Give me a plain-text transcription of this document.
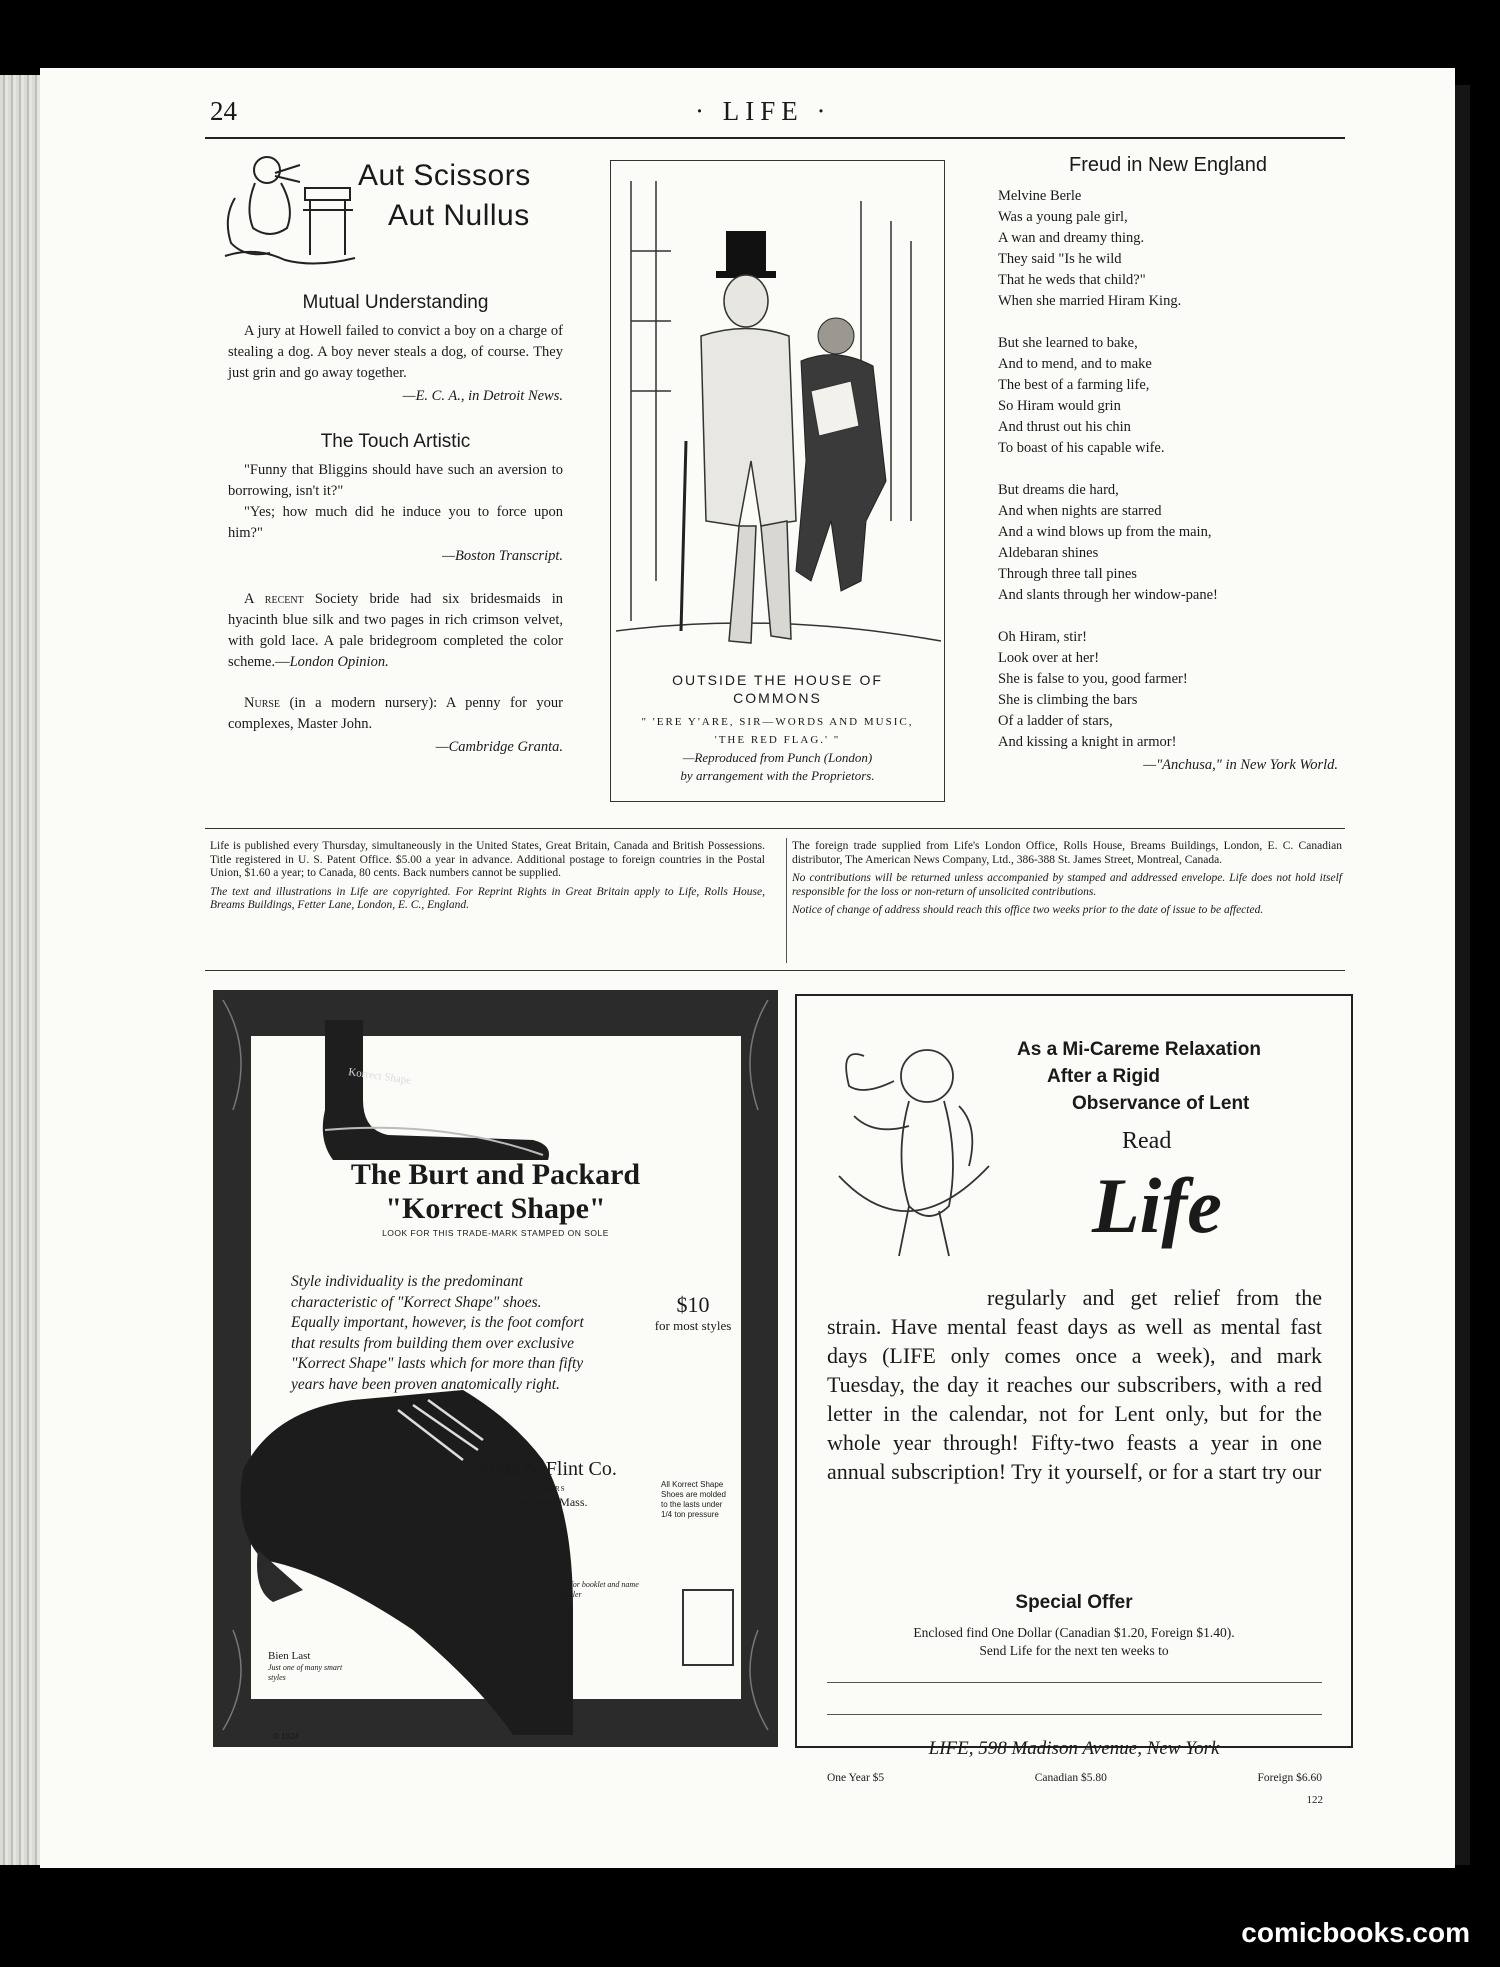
24	· LIFE ·
Aut Scissors
Aut Nullus
Mutual Understanding

A jury at Howell failed to convict a boy on a charge of stealing a dog. A boy never steals a dog, of course. They just grin and go away together.

—E. C. A., in Detroit News.
The Touch Artistic

"Funny that Bliggins should have such an aversion to borrowing, isn't it?"

"Yes; how much did he induce you to force upon him?"

—Boston Transcript.

A recent Society bride had six bridesmaids in hyacinth blue silk and two pages in rich crimson velvet, with gold lace. A pale bridegroom completed the color scheme.—London Opinion.

Nurse (in a modern nursery): A penny for your complexes, Master John.

—Cambridge Granta.
OUTSIDE THE HOUSE OF COMMONS
" 'ERE Y'ARE, SIR—WORDS AND MUSIC,
'THE RED FLAG.' "
—Reproduced from Punch (London)
by arrangement with the Proprietors.
Freud in New England
Melvine Berle
Was a young pale girl,
A wan and dreamy thing.
They said "Is he wild
That he weds that child?"
When she married Hiram King.
But she learned to bake,
And to mend, and to make
The best of a farming life,
So Hiram would grin
And thrust out his chin
To boast of his capable wife.
But dreams die hard,
And when nights are starred
And a wind blows up from the main,
Aldebaran shines
Through three tall pines
And slants through her window-pane!
Oh Hiram, stir!
Look over at her!
She is false to you, good farmer!
She is climbing the bars
Of a ladder of stars,
And kissing a knight in armor!
—"Anchusa," in New York World.

Life is published every Thursday, simultaneously in the United States, Great Britain, Canada and British Possessions. Title registered in U. S. Patent Office. $5.00 a year in advance. Additional postage to foreign countries in the Postal Union, $1.60 a year; to Canada, 80 cents. Back numbers cannot be supplied.

The text and illustrations in Life are copyrighted. For Reprint Rights in Great Britain apply to Life, Rolls House, Breams Buildings, Fetter Lane, London, E. C., England.

The foreign trade supplied from Life's London Office, Rolls House, Breams Buildings, London, E. C. Canadian distributor, The American News Company, Ltd., 386-388 St. James Street, Montreal, Canada.

No contributions will be returned unless accompanied by stamped and addressed envelope. Life does not hold itself responsible for the loss or non-return of unsolicited contributions.

Notice of change of address should reach this office two weeks prior to the date of issue to be affected.

Korrect Shape
The Burt and Packard
"Korrect Shape"
LOOK FOR THIS TRADE-MARK STAMPED ON SOLE
Style individuality is the predominant characteristic of "Korrect Shape" shoes. Equally important, however, is the foot comfort that results from building them over exclusive "Korrect Shape" lasts which for more than fifty years have been proven anatomically right.
$10
for most styles
Field & Flint Co.
MAKERS
Brockton, Mass.
All Korrect Shape Shoes are molded to the lasts under 1/4 ton pressure
Send for booklet and name of dealer
Bien Last
Just one of many smart styles
© 1924
As a Mi-Careme Relaxation
After a Rigid
Observance of Lent
Read
Life
regularly and get relief from the strain. Have mental feast days as well as mental fast days (LIFE only comes once a week), and mark Tuesday, the day it reaches our subscribers, with a red letter in the calendar, not for Lent only, but for the whole year through! Fifty-two feasts a year in one annual subscription! Try it yourself, or for a start try our
Special Offer
Enclosed find One Dollar (Canadian $1.20, Foreign $1.40).
Send Life for the next ten weeks to
LIFE, 598 Madison Avenue, New York
One Year $5	Canadian $5.80	Foreign $6.60
122
comicbooks.com
